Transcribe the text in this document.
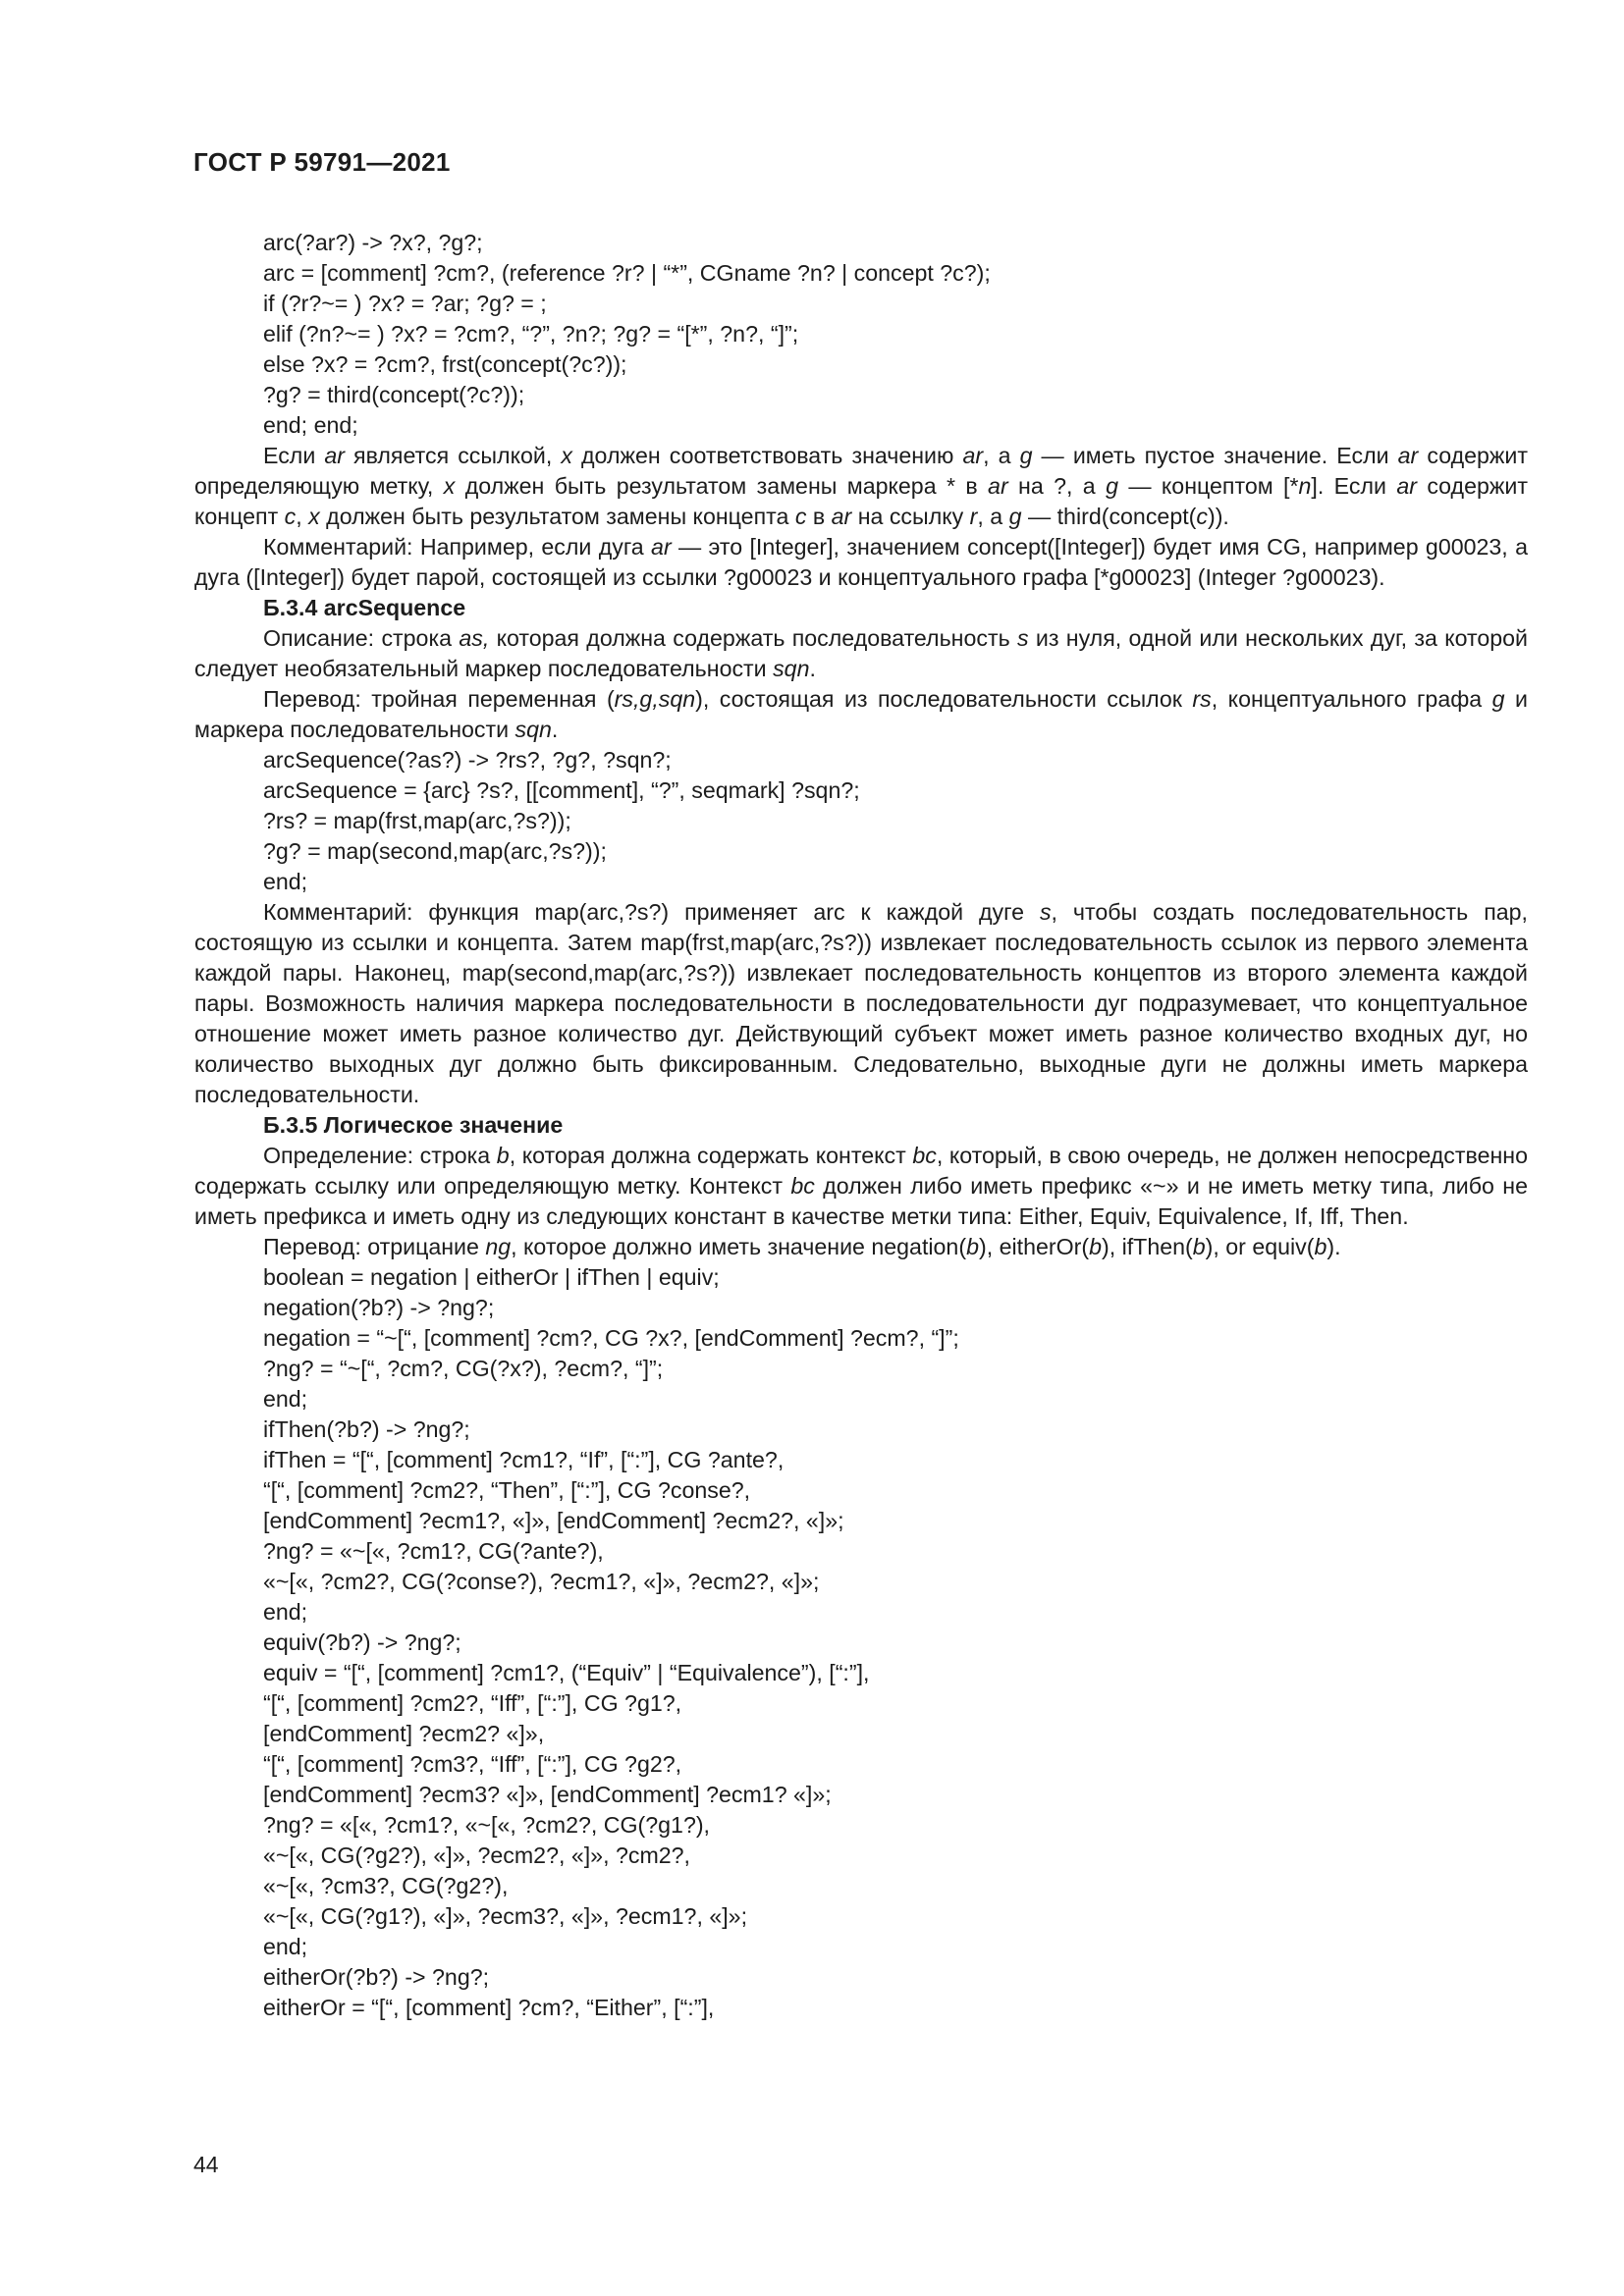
ГОСТ Р 59791—2021
arc(?ar?) -> ?x?, ?g?;
arc = [comment] ?cm?, (reference ?r? | “*”, CGname ?n? | concept ?c?);
if (?r?~= ) ?x? = ?ar; ?g? = ;
elif (?n?~= ) ?x? = ?cm?, “?”, ?n?; ?g? = “[*”, ?n?, “]”;
else ?x? = ?cm?, frst(concept(?c?));
?g? = third(concept(?c?));
end; end;
Если ar является ссылкой, x должен соответствовать значению ar, а g — иметь пустое значение. Если ar содержит определяющую метку, x должен быть результатом замены маркера * в ar на ?, а g — концептом [*n]. Если ar содержит концепт c, x должен быть результатом замены концепта c в ar на ссылку r, а g — third(concept(c)).
Комментарий: Например, если дуга ar — это [Integer], значением concept([Integer]) будет имя CG, например g00023, а дуга ([Integer]) будет парой, состоящей из ссылки ?g00023 и концептуального графа [*g00023] (Integer ?g00023).
Б.3.4 arcSequence
Описание: строка as, которая должна содержать последовательность s из нуля, одной или нескольких дуг, за которой следует необязательный маркер последовательности sqn.
Перевод: тройная переменная (rs,g,sqn), состоящая из последовательности ссылок rs, концептуального графа g и маркера последовательности sqn.
arcSequence(?as?) -> ?rs?, ?g?, ?sqn?;
arcSequence = {arc} ?s?, [[comment], “?”, seqmark] ?sqn?;
?rs? = map(frst,map(arc,?s?));
?g? = map(second,map(arc,?s?));
end;
Комментарий: функция map(arc,?s?) применяет arc к каждой дуге s, чтобы создать последовательность пар, состоящую из ссылки и концепта. Затем map(frst,map(arc,?s?)) извлекает последовательность ссылок из первого элемента каждой пары. Наконец, map(second,map(arc,?s?)) извлекает последовательность концептов из второго элемента каждой пары. Возможность наличия маркера последовательности в последовательности дуг подразумевает, что концептуальное отношение может иметь разное количество дуг. Действующий субъект может иметь разное количество входных дуг, но количество выходных дуг должно быть фиксированным. Следовательно, выходные дуги не должны иметь маркера последовательности.
Б.3.5 Логическое значение
Определение: строка b, которая должна содержать контекст bc, который, в свою очередь, не должен непосредственно содержать ссылку или определяющую метку. Контекст bc должен либо иметь префикс «~» и не иметь метку типа, либо не иметь префикса и иметь одну из следующих констант в качестве метки типа: Either, Equiv, Equivalence, If, Iff, Then.
Перевод: отрицание ng, которое должно иметь значение negation(b), eitherOr(b), ifThen(b), or equiv(b).
boolean = negation | eitherOr | ifThen | equiv;
negation(?b?) -> ?ng?;
negation = “~[“, [comment] ?cm?, CG ?x?, [endComment] ?ecm?, “]”;
?ng? = “~[“, ?cm?, CG(?x?), ?ecm?, “]”;
end;
ifThen(?b?) -> ?ng?;
ifThen = “[“, [comment] ?cm1?, “If”, [“:”], CG ?ante?,
“[“, [comment] ?cm2?, “Then”, [“:”], CG ?conse?,
[endComment] ?ecm1?, «]», [endComment] ?ecm2?, «]»;
?ng? = «~[«, ?cm1?, CG(?ante?),
«~[«, ?cm2?, CG(?conse?), ?ecm1?, «]», ?ecm2?, «]»;
end;
equiv(?b?) -> ?ng?;
equiv = “[“, [comment] ?cm1?, (“Equiv” | “Equivalence”), [“:”],
“[“, [comment] ?cm2?, “Iff”, [“:”], CG ?g1?,
[endComment] ?ecm2? «]»,
“[“, [comment] ?cm3?, “Iff”, [“:”], CG ?g2?,
[endComment] ?ecm3? «]», [endComment] ?ecm1? «]»;
?ng? = «[«, ?cm1?, «~[«, ?cm2?, CG(?g1?),
«~[«, CG(?g2?), «]», ?ecm2?, «]», ?cm2?,
«~[«, ?cm3?, CG(?g2?),
«~[«, CG(?g1?), «]», ?ecm3?, «]», ?ecm1?, «]»;
end;
eitherOr(?b?) -> ?ng?;
eitherOr = “[“, [comment] ?cm?, “Either”, [“:”],
44
